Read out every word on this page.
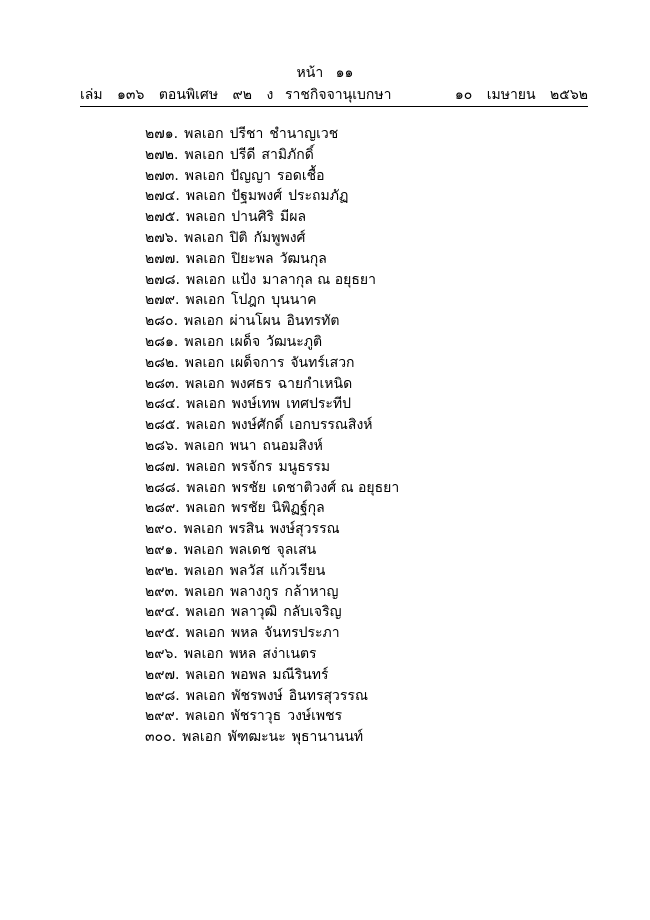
หน้า ๑๑
เล่ม ๑๓๖ ตอนพิเศษ ๙๒ ง ราชกิจจานุเบกษา	๑๐ เมษายน ๒๕๖๒
๒๗๑. พลเอก ปรีชา ชำนาญเวช
๒๗๒. พลเอก ปรีดี สามิภักดิ์
๒๗๓. พลเอก ปัญญา รอดเชื้อ
๒๗๔. พลเอก ปัฐมพงศ์ ประถมภัฏ
๒๗๕. พลเอก ปานศิริ มีผล
๒๗๖. พลเอก ปิติ กัมพูพงศ์
๒๗๗. พลเอก ปิยะพล วัฒนกุล
๒๗๘. พลเอก แป้ง มาลากุล ณ อยุธยา
๒๗๙. พลเอก โปฎก บุนนาค
๒๘๐. พลเอก ผ่านโผน อินทรทัต
๒๘๑. พลเอก เผด็จ วัฒนะภูติ
๒๘๒. พลเอก เผด็จการ จันทร์เสวก
๒๘๓. พลเอก พงศธร ฉายกำเหนิด
๒๘๔. พลเอก พงษ์เทพ เทศประทีป
๒๘๕. พลเอก พงษ์ศักดิ์ เอกบรรณสิงห์
๒๘๖. พลเอก พนา ถนอมสิงห์
๒๘๗. พลเอก พรจักร มนูธรรม
๒๘๘. พลเอก พรชัย เดชาติวงศ์ ณ อยุธยา
๒๘๙. พลเอก พรชัย นิพิฏฐ์กุล
๒๙๐. พลเอก พรสิน พงษ์สุวรรณ
๒๙๑. พลเอก พลเดช จุลเสน
๒๙๒. พลเอก พลวัส แก้วเรียน
๒๙๓. พลเอก พลางกูร กล้าหาญ
๒๙๔. พลเอก พลาวุฒิ กลับเจริญ
๒๙๕. พลเอก พหล จันทรประภา
๒๙๖. พลเอก พหล สง่าเนตร
๒๙๗. พลเอก พอพล มณีรินทร์
๒๙๘. พลเอก พัชรพงษ์ อินทรสุวรรณ
๒๙๙. พลเอก พัชราวุธ วงษ์เพชร
๓๐๐. พลเอก พัฑฒะนะ พุธานานนท์
